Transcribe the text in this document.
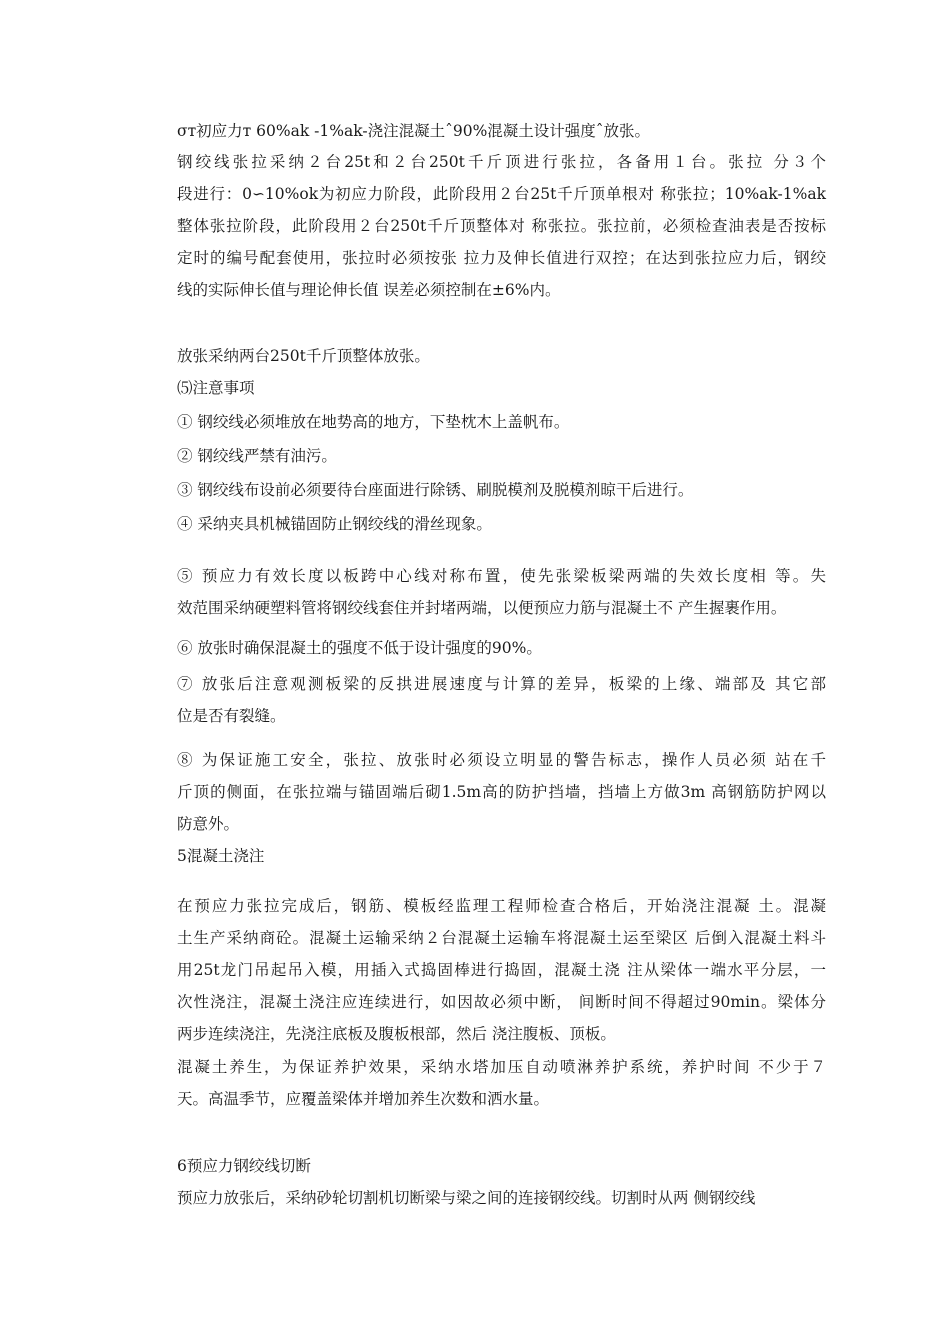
σт初应力т 60%ak -1%ak-浇注混凝土ˆ90%混凝土设计强度ˆ放张。
钢绞线张拉采纳２台25t和２台250t千斤顶进行张拉，各备用１台。张拉 分３个
段进行：0∽10%ok为初应力阶段，此阶段用２台25t千斤顶单根对 称张拉；10%ak-1%ak
整体张拉阶段，此阶段用２台250t千斤顶整体对 称张拉。张拉前，必须检查油表是否按标
定时的编号配套使用，张拉时必须按张 拉力及伸长值进行双控；在达到张拉应力后，钢绞
线的实际伸长值与理论伸长值 误差必须控制在±6%内。
放张采纳两台250t千斤顶整体放张。
⑸注意事项
① 钢绞线必须堆放在地势高的地方，下垫枕木上盖帆布。
② 钢绞线严禁有油污。
③ 钢绞线布设前必须要待台座面进行除锈、刷脱模剂及脱模剂晾干后进行。
④ 采纳夹具机械锚固防止钢绞线的滑丝现象。
⑤ 预应力有效长度以板跨中心线对称布置，使先张梁板梁两端的失效长度相 等。失
效范围采纳硬塑料管将钢绞线套住并封堵两端，以便预应力筋与混凝土不 产生握裹作用。
⑥ 放张时确保混凝土的强度不低于设计强度的90%。
⑦ 放张后注意观测板梁的反拱进展速度与计算的差异，板梁的上缘、端部及 其它部
位是否有裂缝。
⑧ 为保证施工安全，张拉、放张时必须设立明显的警告标志，操作人员必须 站在千
斤顶的侧面，在张拉端与锚固端后砌1.5m高的防护挡墙，挡墙上方做3m 高钢筋防护网以
防意外。
5混凝土浇注
在预应力张拉完成后，钢筋、模板经监理工程师检查合格后，开始浇注混凝 土。混凝
土生产采纳商砼。混凝土运输采纳２台混凝土运输车将混凝土运至梁区 后倒入混凝土料斗
用25t龙门吊起吊入模，用插入式捣固棒进行捣固，混凝土浇 注从梁体一端水平分层，一
次性浇注，混凝土浇注应连续进行，如因故必须中断， 间断时间不得超过90min。梁体分
两步连续浇注，先浇注底板及腹板根部，然后 浇注腹板、顶板。
混凝土养生，为保证养护效果，采纳水塔加压自动喷淋养护系统，养护时间 不少于７
天。高温季节，应覆盖梁体并增加养生次数和洒水量。
6预应力钢绞线切断
预应力放张后，采纳砂轮切割机切断梁与梁之间的连接钢绞线。切割时从两 侧钢绞线
